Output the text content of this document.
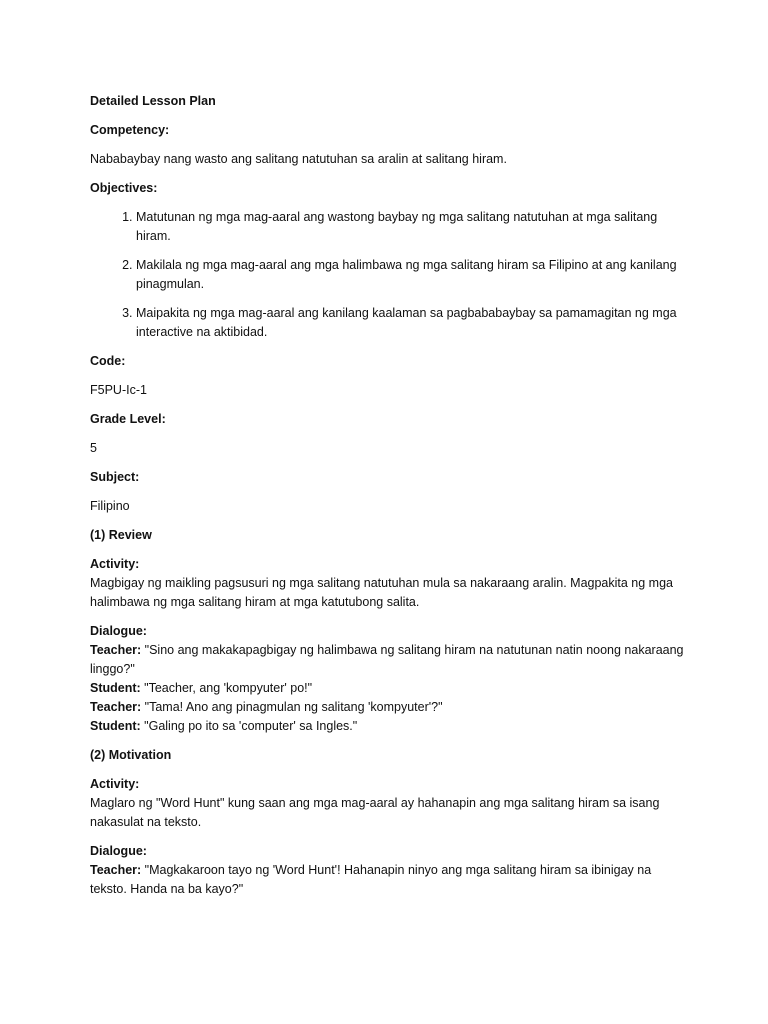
Detailed Lesson Plan
Competency:
Nababaybay nang wasto ang salitang natutuhan sa aralin at salitang hiram.
Objectives:
1. Matutunan ng mga mag-aaral ang wastong baybay ng mga salitang natutuhan at mga salitang hiram.
2. Makilala ng mga mag-aaral ang mga halimbawa ng mga salitang hiram sa Filipino at ang kanilang pinagmulan.
3. Maipakita ng mga mag-aaral ang kanilang kaalaman sa pagbababaybay sa pamamagitan ng mga interactive na aktibidad.
Code:
F5PU-Ic-1
Grade Level:
5
Subject:
Filipino
(1) Review
Activity:
Magbigay ng maikling pagsusuri ng mga salitang natutuhan mula sa nakaraang aralin. Magpakita ng mga halimbawa ng mga salitang hiram at mga katutubong salita.
Dialogue:
Teacher: "Sino ang makakapagbigay ng halimbawa ng salitang hiram na natutunan natin noong nakaraang linggo?"
Student: "Teacher, ang 'kompyuter' po!"
Teacher: "Tama! Ano ang pinagmulan ng salitang 'kompyuter'?"
Student: "Galing po ito sa 'computer' sa Ingles."
(2) Motivation
Activity:
Maglaro ng "Word Hunt" kung saan ang mga mag-aaral ay hahanapin ang mga salitang hiram sa isang nakasulat na teksto.
Dialogue:
Teacher: "Magkakaroon tayo ng 'Word Hunt'! Hahanapin ninyo ang mga salitang hiram sa ibinigay na teksto. Handa na ba kayo?"
